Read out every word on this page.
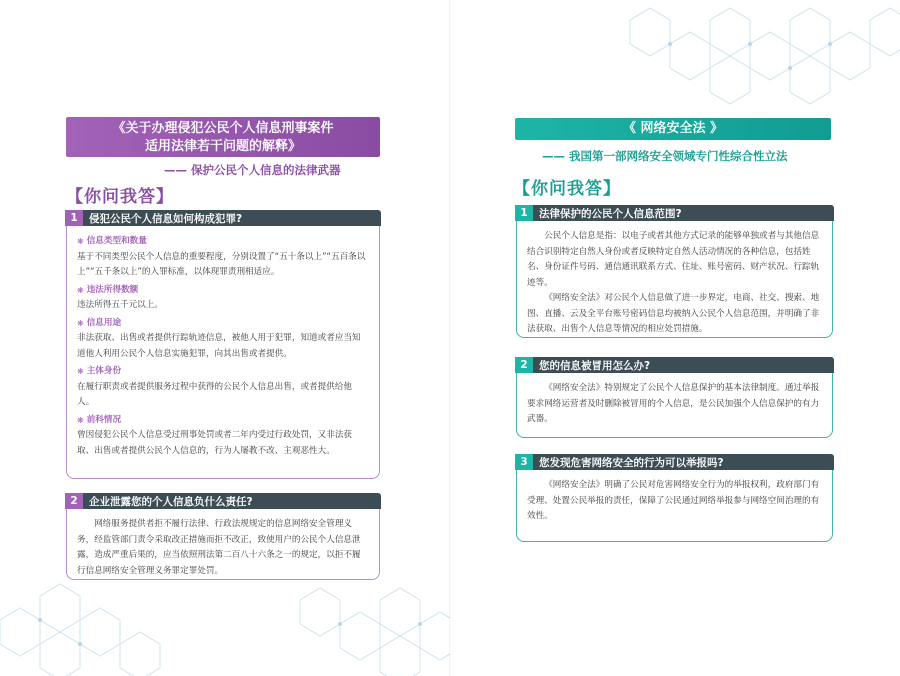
《关于办理侵犯公民个人信息刑事案件
适用法律若干问题的解释》
—— 保护公民个人信息的法律武器
【你问我答】
1	侵犯公民个人信息如何构成犯罪?
❋ 信息类型和数量
基于不同类型公民个人信息的重要程度，分别设置了“五十条以上”“五百条以上”“五千条以上”的入罪标准，以体现罪责刑相适应。
❋ 违法所得数额
违法所得五千元以上。
❋ 信息用途
非法获取、出售或者提供行踪轨迹信息，被他人用于犯罪，知道或者应当知道他人利用公民个人信息实施犯罪，向其出售或者提供。
❋ 主体身份
在履行职责或者提供服务过程中获得的公民个人信息出售，或者提供给他人。
❋ 前科情况
曾因侵犯公民个人信息受过刑事处罚或者二年内受过行政处罚，又非法获取、出售或者提供公民个人信息的，行为人屡教不改、主观恶性大。
2	企业泄露您的个人信息负什么责任?
网络服务提供者拒不履行法律、行政法规规定的信息网络安全管理义务，经监管部门责令采取改正措施而拒不改正，致使用户的公民个人信息泄露，造成严重后果的，应当依照刑法第二百八十六条之一的规定，以拒不履行信息网络安全管理义务罪定罪处罚。
《 网络安全法 》
—— 我国第一部网络安全领域专门性综合性立法
【你问我答】
1	法律保护的公民个人信息范围?
公民个人信息是指：以电子或者其他方式记录的能够单独或者与其他信息结合识别特定自然人身份或者反映特定自然人活动情况的各种信息，包括姓名、身份证件号码、通信通讯联系方式、住址、账号密码、财产状况、行踪轨迹等。
《网络安全法》对公民个人信息做了进一步界定，电商、社交、搜索、地图、直播、云及全平台账号密码信息均被纳入公民个人信息范围，并明确了非法获取、出售个人信息等情况的相应处罚措施。
2	您的信息被冒用怎么办?
《网络安全法》特别规定了公民个人信息保护的基本法律制度。通过举报要求网络运营者及时删除被冒用的个人信息，是公民加强个人信息保护的有力武器。
3	您发现危害网络安全的行为可以举报吗?
《网络安全法》明确了公民对危害网络安全行为的举报权利，政府部门有受理、处置公民举报的责任，保障了公民通过网络举报参与网络空间治理的有效性。
